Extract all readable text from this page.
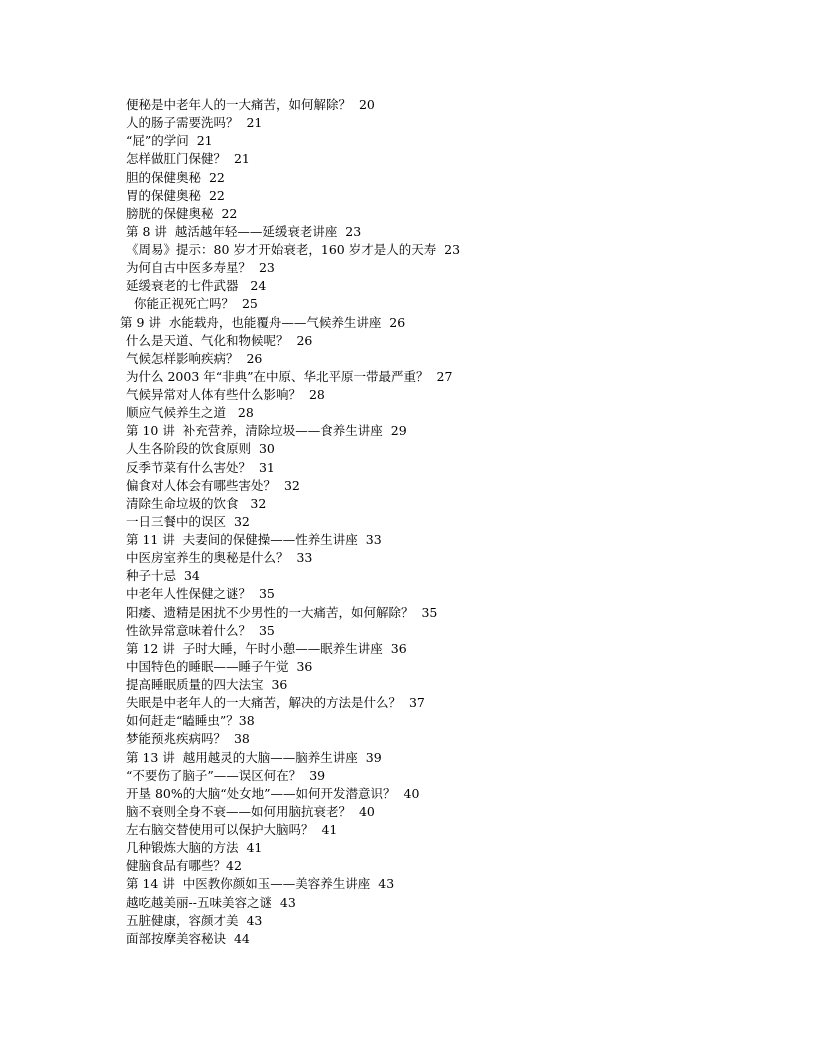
便秘是中老年人的一大痛苦，如何解除？  20

人的肠子需要洗吗？  21

“屁”的学问  21

怎样做肛门保健？  21

胆的保健奥秘  22

胃的保健奥秘  22

膀胱的保健奥秘  22

第 8 讲  越活越年轻——延缓衰老讲座  23

《周易》提示：80 岁才开始衰老，160 岁才是人的天寿  23

为何自古中医多寿星？  23

延缓衰老的七件武器   24

你能正视死亡吗？  25

第 9 讲  水能载舟，也能覆舟——气候养生讲座  26

什么是天道、气化和物候呢？  26

气候怎样影响疾病？  26

为什么 2003 年“非典”在中原、华北平原一带最严重？  27

气候异常对人体有些什么影响？  28

顺应气候养生之道   28

第 10 讲  补充营养，清除垃圾——食养生讲座  29

人生各阶段的饮食原则  30

反季节菜有什么害处？  31

偏食对人体会有哪些害处？  32

清除生命垃圾的饮食   32

一日三餐中的误区  32

第 11 讲  夫妻间的保健操——性养生讲座  33

中医房室养生的奥秘是什么？  33

种子十忌  34

中老年人性保健之谜？  35

阳痿、遗精是困扰不少男性的一大痛苦，如何解除？  35

性欲异常意味着什么？  35

第 12 讲  子时大睡，午时小憩——眠养生讲座  36

中国特色的睡眠——睡子午觉  36

提高睡眠质量的四大法宝  36

失眠是中老年人的一大痛苦，解决的方法是什么？  37

如何赶走“瞌睡虫”？38

梦能预兆疾病吗？  38

第 13 讲  越用越灵的大脑——脑养生讲座  39

“不要伤了脑子”——误区何在？  39

开垦 80%的大脑“处女地”——如何开发潜意识？  40

脑不衰则全身不衰——如何用脑抗衰老？  40

左右脑交替使用可以保护大脑吗？  41

几种锻炼大脑的方法  41

健脑食品有哪些？42

第 14 讲  中医教你颜如玉——美容养生讲座  43

越吃越美丽--五味美容之谜  43

五脏健康，容颜才美  43

面部按摩美容秘诀  44
